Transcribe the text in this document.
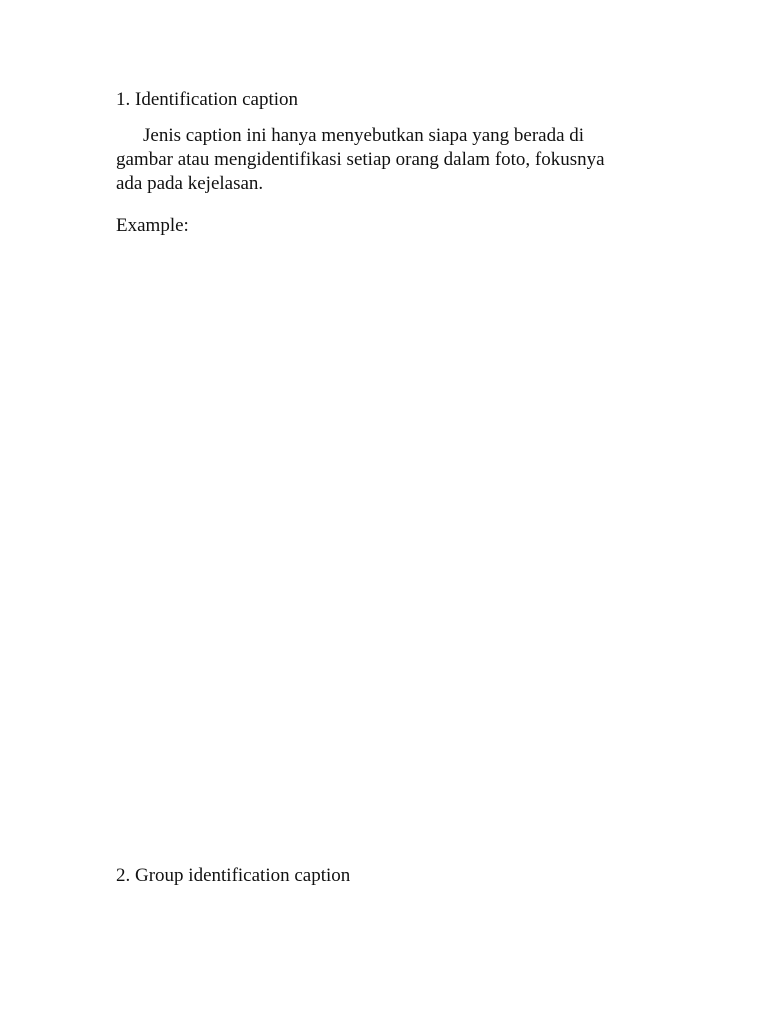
1. Identification caption
Jenis caption ini hanya menyebutkan siapa yang berada di
gambar atau mengidentifikasi setiap orang dalam foto, fokusnya
ada pada kejelasan.
Example:
2. Group identification caption
